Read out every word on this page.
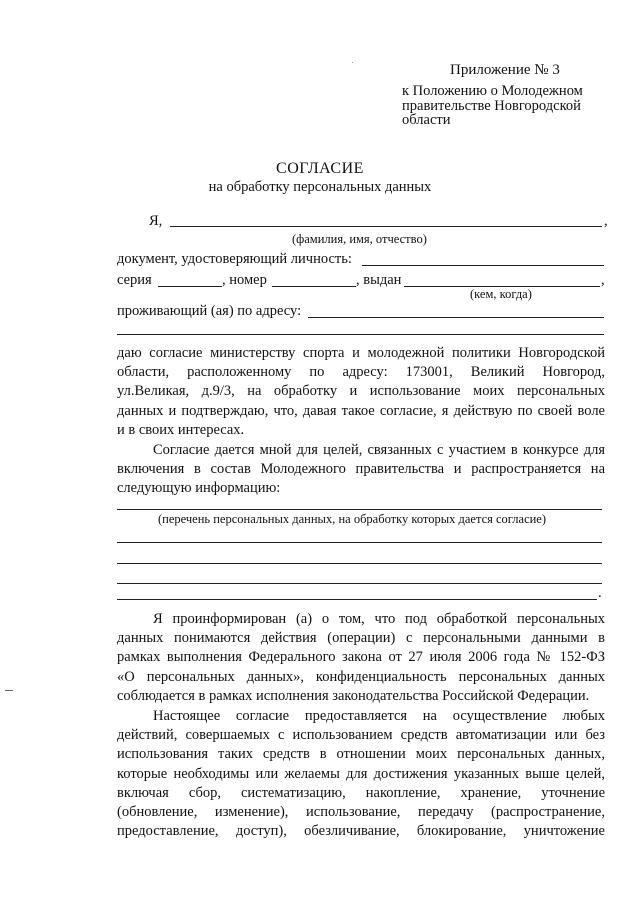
Приложение № 3
к Положению о Молодежном
правительстве Новгородской
области
СОГЛАСИЕ
на обработку персональных данных
Я,	,
(фамилия, имя, отчество)
документ, удостоверяющий личность:
серия	, номер	, выдан	,
(кем, когда)
проживающий (ая) по адресу:
даю согласие министерству спорта и молодежной политики Новгородской
области, расположенному по адресу: 173001, Великий Новгород,
ул.Великая, д.9/3, на обработку и использование моих персональных
данных и подтверждаю, что, давая такое согласие, я действую по своей воле
и в своих интересах.
Согласие дается мной для целей, связанных с участием в конкурсе для
включения в состав Молодежного правительства и распространяется на
следующую информацию:
(перечень персональных данных, на обработку которых дается согласие)
.
Я проинформирован (а) о том, что под обработкой персональных
данных понимаются действия (операции) с персональными данными в
рамках выполнения Федерального закона от 27 июля 2006 года № 152-ФЗ
«О персональных данных», конфиденциальность персональных данных
соблюдается в рамках исполнения законодательства Российской Федерации.
Настоящее согласие предоставляется на осуществление любых
действий, совершаемых с использованием средств автоматизации или без
использования таких средств в отношении моих персональных данных,
которые необходимы или желаемы для достижения указанных выше целей,
включая сбор, систематизацию, накопление, хранение, уточнение
(обновление, изменение), использование, передачу (распространение,
предоставление, доступ), обезличивание, блокирование, уничтожение
